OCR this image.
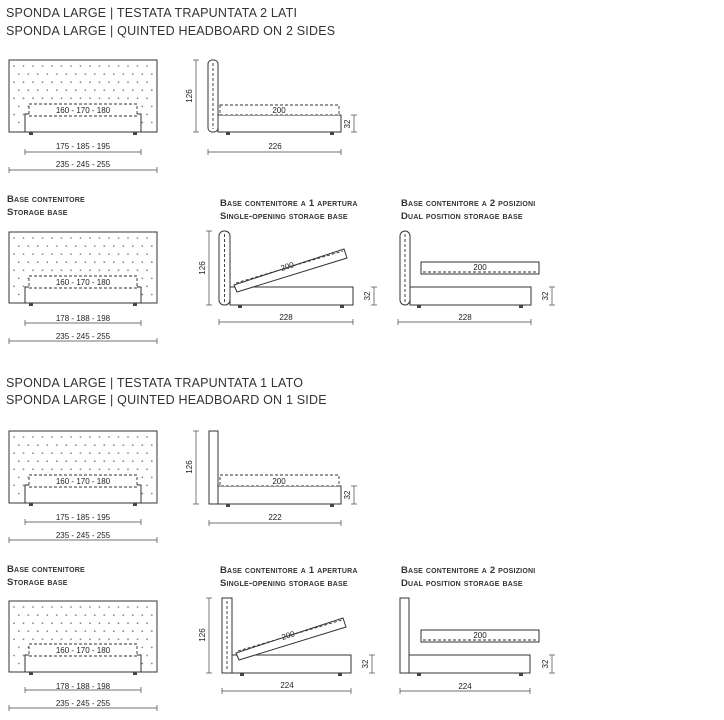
SPONDA LARGE | TESTATA TRAPUNTATA 2 LATI
SPONDA LARGE | QUINTED HEADBOARD ON 2 SIDES
160 - 170 - 180
175 - 185 - 195
235 - 245 - 255
126
200
32
226
160 - 170 - 180
178 - 188 - 198
235 - 245 - 255
126	200
32
228
200
32
228
Base contenitore
Storage base
Base contenitore a 1 apertura
Single-opening storage base
Base contenitore a 2 posizioni
Dual position storage base
SPONDA LARGE | TESTATA TRAPUNTATA 1 LATO
SPONDA LARGE | QUINTED HEADBOARD ON 1 SIDE
160 - 170 - 180
175 - 185 - 195
235 - 245 - 255
126
200
32
222
160 - 170 - 180
178 - 188 - 198
235 - 245 - 255
126	200
32
224
200
32
224
Base contenitore
Storage base
Base contenitore a 1 apertura
Single-opening storage base
Base contenitore a 2 posizioni
Dual position storage base
